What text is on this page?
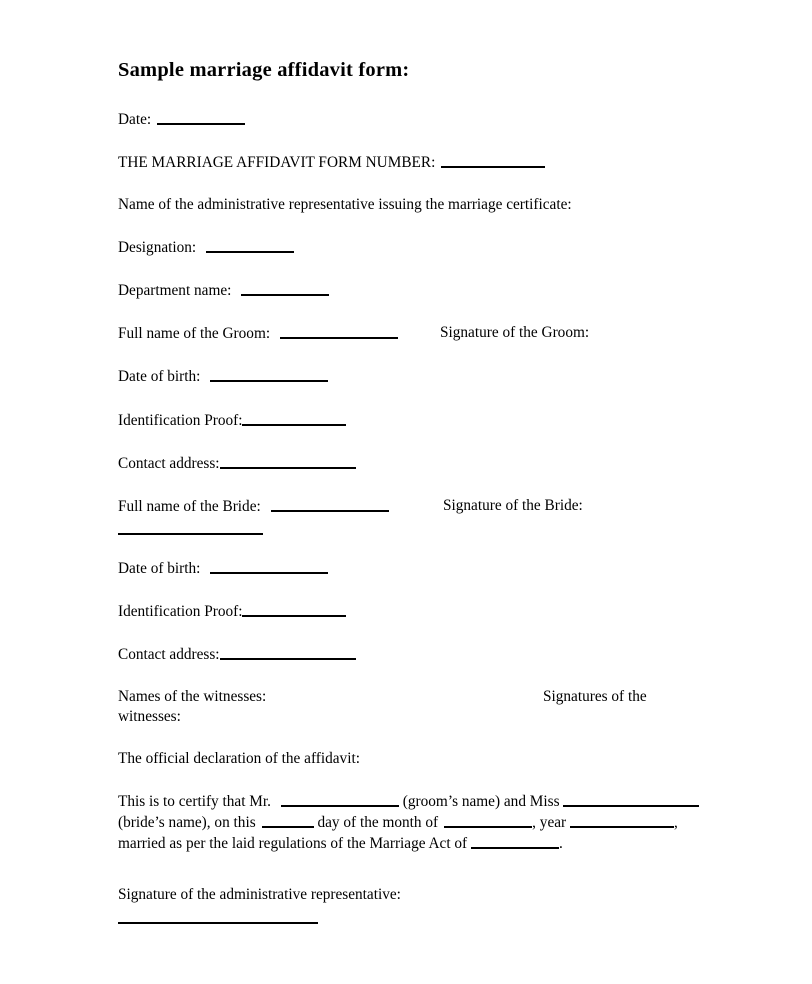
Sample marriage affidavit form:

Date:

THE MARRIAGE AFFIDAVIT FORM NUMBER:

Name of the administrative representative issuing the marriage certificate:

Designation:

Department name:

Full name of the Groom:	Signature of the Groom:

Date of birth:

Identification Proof:

Contact address:

Full name of the Bride:	Signature of the Bride:

Date of birth:

Identification Proof:

Contact address:

Names of the witnesses:	Signatures of the
witnesses:

The official declaration of the affidavit:

This is to certify that Mr.	(groom’s name) and Miss (bride’s name), on this	day of the month of	, year	, married as per the laid regulations of the Marriage Act of	.

Signature of the administrative representative:
